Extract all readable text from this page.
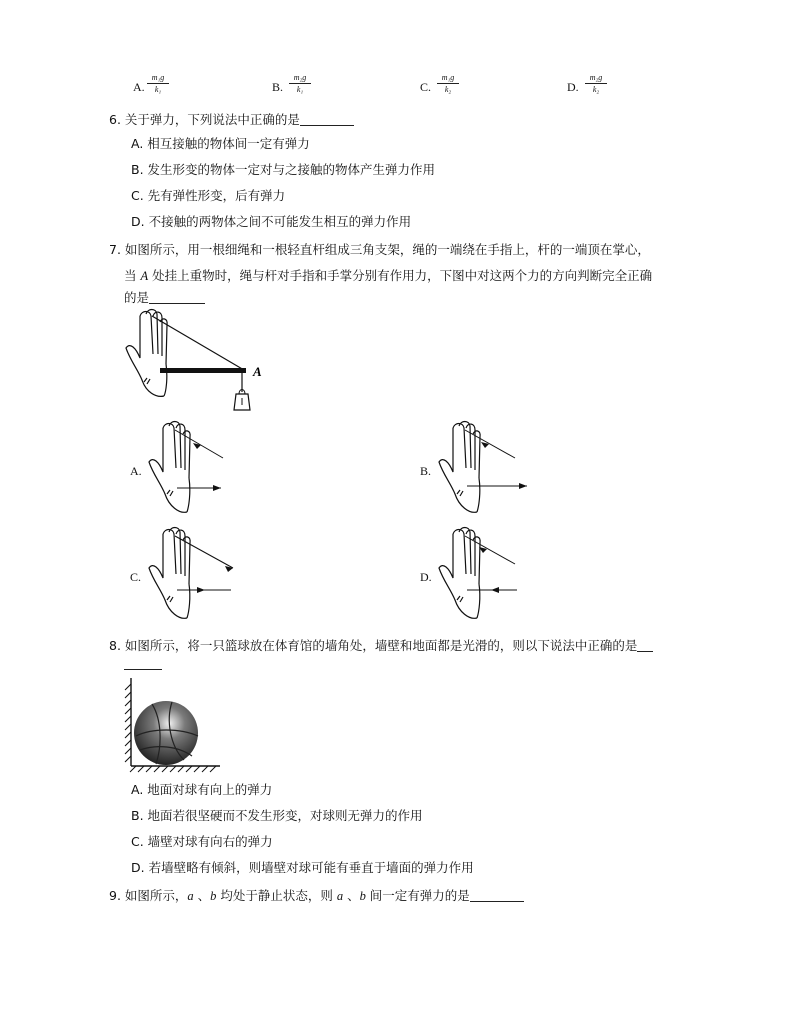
A. $\frac{\text{m₁g}}{\text{k₁}}$	B. $\frac{\text{m₂g}}{\text{k₁}}$	C. $\frac{\text{m₁g}}{\text{k₂}}$	D. $\frac{\text{m₂g}}{\text{k₂}}$
6. 关于弹力，下列说法中正确的是
A. 相互接触的物体间一定有弹力
B. 发生形变的物体一定对与之接触的物体产生弹力作用
C. 先有弹性形变，后有弹力
D. 不接触的两物体之间不可能发生相互的弹力作用
7. 如图所示，用一根细绳和一根轻直杆组成三角支架，绳的一端绕在手指上，杆的一端顶在掌心，
当 A 处挂上重物时，绳与杆对手指和手掌分别有作用力，下图中对这两个力的方向判断完全正确
的是
A
A.	B.
C.	D.
8. 如图所示，将一只篮球放在体育馆的墙角处，墙壁和地面都是光滑的，则以下说法中正确的是
A. 地面对球有向上的弹力
B. 地面若很坚硬而不发生形变，对球则无弹力的作用
C. 墙壁对球有向右的弹力
D. 若墙壁略有倾斜，则墙壁对球可能有垂直于墙面的弹力作用
9. 如图所示，a 、b 均处于静止状态，则 a 、b 间一定有弹力的是
